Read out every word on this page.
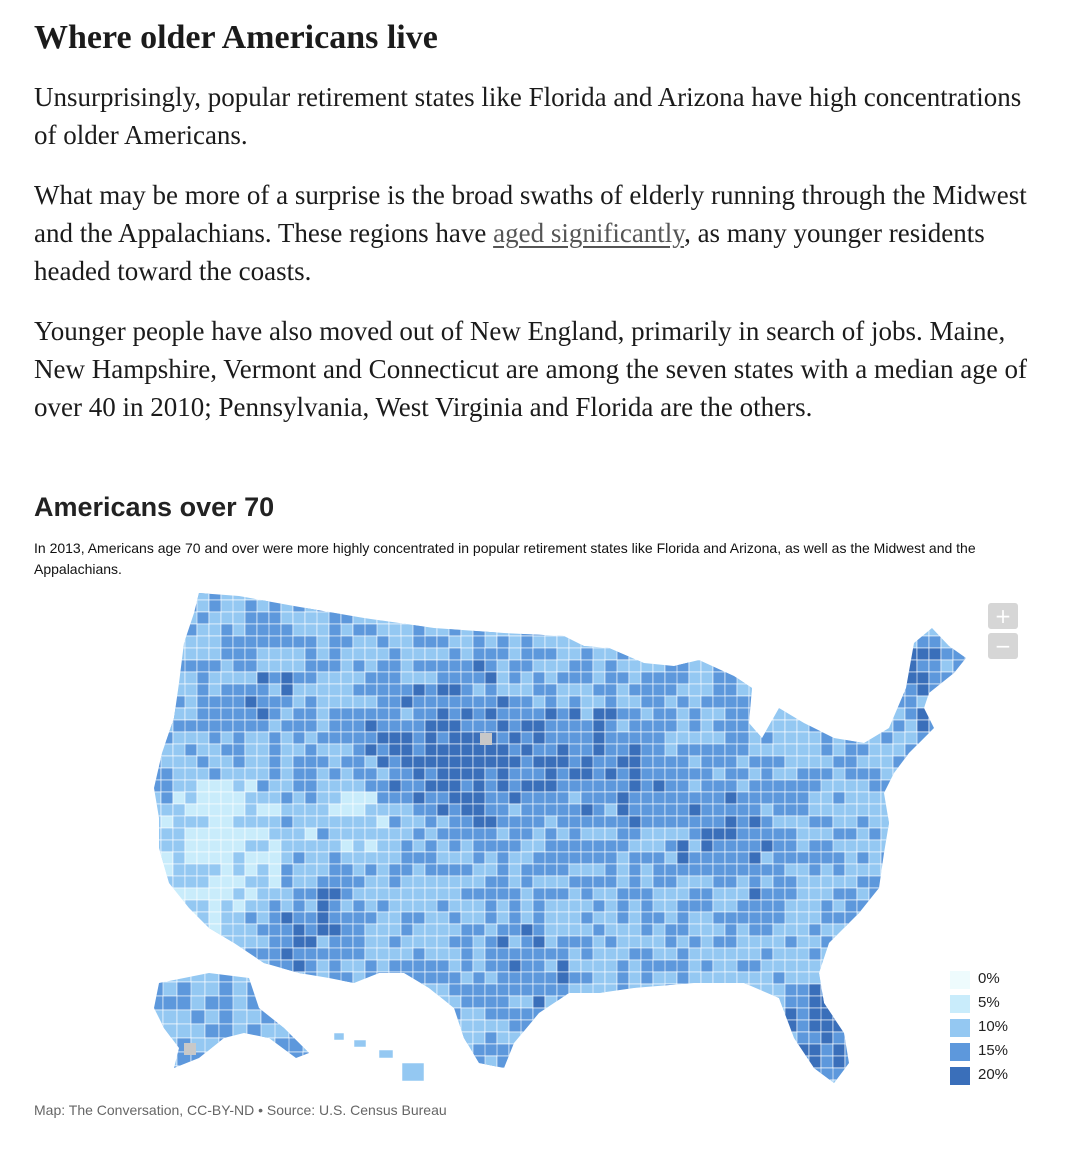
Where older Americans live

Unsurprisingly, popular retirement states like Florida and Arizona have high concentrations of older Americans.

What may be more of a surprise is the broad swaths of elderly running through the Midwest and the Appalachians. These regions have aged significantly, as many younger residents headed toward the coasts.

Younger people have also moved out of New England, primarily in search of jobs. Maine, New Hampshire, Vermont and Connecticut are among the seven states with a median age of over 40 in 2010; Pennsylvania, West Virginia and Florida are the others.

Americans over 70

In 2013, Americans age 70 and over were more highly concentrated in popular retirement states like Florida and Arizona, as well as the Midwest and the Appalachians.

+
−
0%
5%
10%
15%
20%
Map: The Conversation, CC-BY-ND • Source: U.S. Census Bureau
